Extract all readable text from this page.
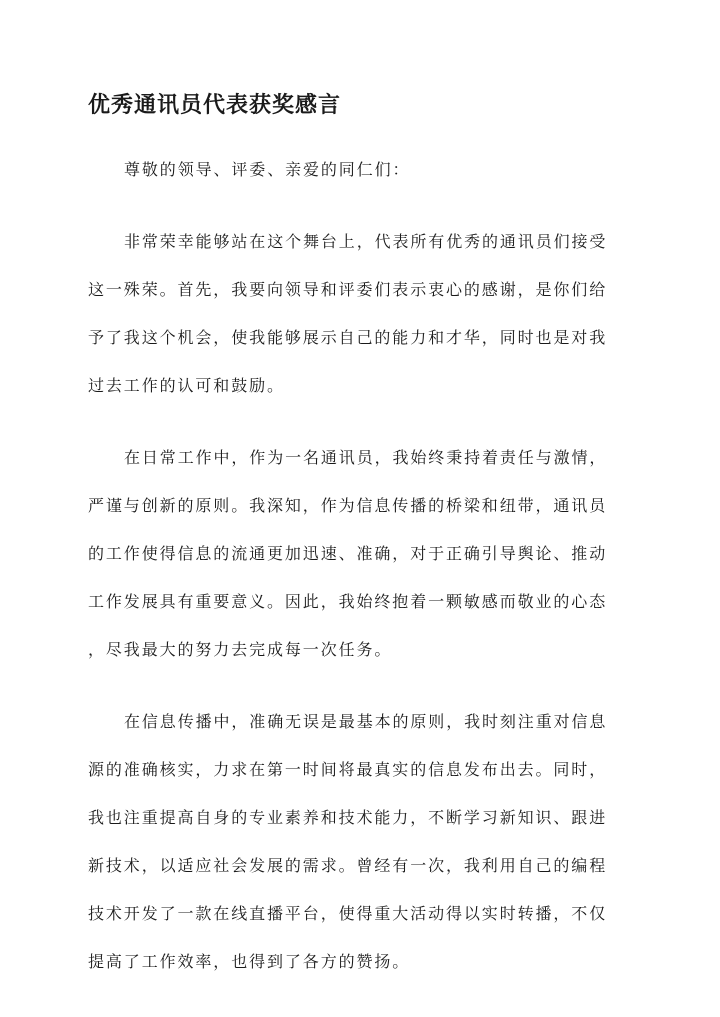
优秀通讯员代表获奖感言

尊敬的领导、评委、亲爱的同仁们：

非常荣幸能够站在这个舞台上，代表所有优秀的通讯员们接受
这一殊荣。首先，我要向领导和评委们表示衷心的感谢，是你们给
予了我这个机会，使我能够展示自己的能力和才华，同时也是对我
过去工作的认可和鼓励。

在日常工作中，作为一名通讯员，我始终秉持着责任与激情，
严谨与创新的原则。我深知，作为信息传播的桥梁和纽带，通讯员
的工作使得信息的流通更加迅速、准确，对于正确引导舆论、推动
工作发展具有重要意义。因此，我始终抱着一颗敏感而敬业的心态
，尽我最大的努力去完成每一次任务。

在信息传播中，准确无误是最基本的原则，我时刻注重对信息
源的准确核实，力求在第一时间将最真实的信息发布出去。同时，
我也注重提高自身的专业素养和技术能力，不断学习新知识、跟进
新技术，以适应社会发展的需求。曾经有一次，我利用自己的编程
技术开发了一款在线直播平台，使得重大活动得以实时转播，不仅
提高了工作效率，也得到了各方的赞扬。
